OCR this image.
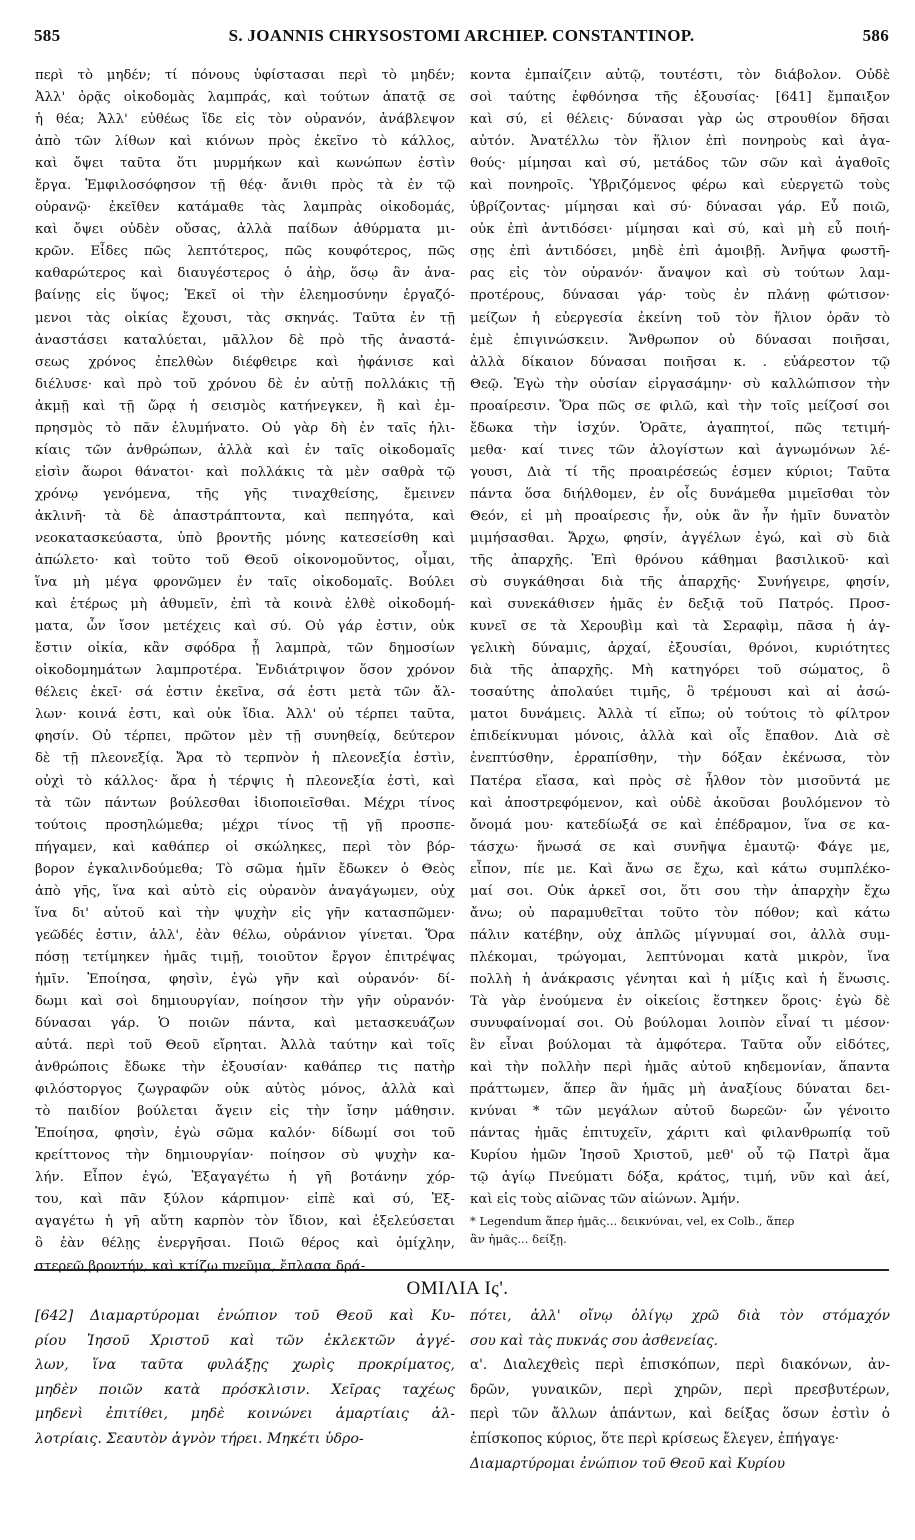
585	S. JOANNIS CHRYSOSTOMI ARCHIEP. CONSTANTINOP.	586
περὶ τὸ μηδέν; τί πόνους ὑφίστασαι περὶ τὸ μηδέν;
Ἀλλ' ὁρᾷς οἰκοδομὰς λαμπράς, καὶ τούτων ἀπατᾷ σε
ἡ θέα; Ἀλλ' εὐθέως ἴδε εἰς τὸν οὐρανόν, ἀνάβλεψον
ἀπὸ τῶν λίθων καὶ κιόνων πρὸς ἐκεῖνο τὸ κάλλος,
καὶ ὄψει ταῦτα ὅτι μυρμήκων καὶ κωνώπων ἐστὶν
ἔργα. Ἐμφιλοσόφησον τῇ θέᾳ· ἄνιθι πρὸς τὰ ἐν τῷ
οὐρανῷ· ἐκεῖθεν κατάμαθε τὰς λαμπρὰς οἰκοδομάς,
καὶ ὄψει οὐδὲν οὔσας, ἀλλὰ παίδων ἀθύρματα μι-
κρῶν. Εἶδες πῶς λεπτότερος, πῶς κουφότερος, πῶς
καθαρώτερος καὶ διαυγέστερος ὁ ἀὴρ, ὅσῳ ἂν ἀνα-
βαίνῃς εἰς ὕψος; Ἐκεῖ οἱ τὴν ἐλεημοσύνην ἐργαζό-
μενοι τὰς οἰκίας ἔχουσι, τὰς σκηνάς. Ταῦτα ἐν τῇ
ἀναστάσει καταλύεται, μᾶλλον δὲ πρὸ τῆς ἀναστά-
σεως χρόνος ἐπελθὼν διέφθειρε καὶ ἠφάνισε καὶ
διέλυσε· καὶ πρὸ τοῦ χρόνου δὲ ἐν αὐτῇ πολλάκις τῇ
ἀκμῇ καὶ τῇ ὥρᾳ ἡ σεισμὸς κατήνεγκεν, ἢ καὶ ἐμ-
πρησμὸς τὸ πᾶν ἐλυμήνατο. Οὐ γὰρ δὴ ἐν ταῖς ἡλι-
κίαις τῶν ἀνθρώπων, ἀλλὰ καὶ ἐν ταῖς οἰκοδομαῖς
εἰσὶν ἄωροι θάνατοι· καὶ πολλάκις τὰ μὲν σαθρὰ τῷ
χρόνῳ γενόμενα, τῆς γῆς τιναχθείσης, ἔμεινεν
ἀκλινῆ· τὰ δὲ ἀπαστράπτοντα, καὶ πεπηγότα, καὶ
νεοκατασκεύαστα, ὑπὸ βροντῆς μόνης κατεσείσθη καὶ
ἀπώλετο· καὶ τοῦτο τοῦ Θεοῦ οἰκονομοῦντος, οἶμαι,
ἵνα μὴ μέγα φρονῶμεν ἐν ταῖς οἰκοδομαῖς. Βούλει
καὶ ἑτέρως μὴ ἀθυμεῖν, ἐπὶ τὰ κοινὰ ἐλθὲ οἰκοδομή-
ματα, ὧν ἴσον μετέχεις καὶ σύ. Οὐ γάρ ἐστιν, οὐκ
ἔστιν οἰκία, κἂν σφόδρα ᾖ λαμπρὰ, τῶν δημοσίων
οἰκοδομημάτων λαμπροτέρα. Ἐνδιάτριψον ὅσον χρόνον
θέλεις ἐκεῖ· σά ἐστιν ἐκεῖνα, σά ἐστι μετὰ τῶν ἄλ-
λων· κοινά ἐστι, καὶ οὐκ ἴδια. Ἀλλ' οὐ τέρπει ταῦτα,
φησίν. Οὐ τέρπει, πρῶτον μὲν τῇ συνηθείᾳ, δεύτερον
δὲ τῇ πλεονεξίᾳ. Ἄρα τὸ τερπνὸν ἡ πλεονεξία ἐστὶν,
οὐχὶ τὸ κάλλος· ἄρα ἡ τέρψις ἡ πλεονεξία ἐστὶ, καὶ
τὰ τῶν πάντων βούλεσθαι ἰδιοποιεῖσθαι. Μέχρι τίνος
τούτοις προσηλώμεθα; μέχρι τίνος τῇ γῇ προσπε-
πήγαμεν, καὶ καθάπερ οἱ σκώληκες, περὶ τὸν βόρ-
βορον ἐγκαλινδούμεθα; Τὸ σῶμα ἡμῖν ἔδωκεν ὁ Θεὸς
ἀπὸ γῆς, ἵνα καὶ αὐτὸ εἰς οὐρανὸν ἀναγάγωμεν, οὐχ
ἵνα δι' αὐτοῦ καὶ τὴν ψυχὴν εἰς γῆν κατασπῶμεν·
γεῶδές ἐστιν, ἀλλ', ἐὰν θέλω, οὐράνιον γίνεται. Ὅρα
πόσῃ τετίμηκεν ἡμᾶς τιμῇ, τοιοῦτον ἔργον ἐπιτρέψας
ἡμῖν. Ἐποίησα, φησὶν, ἐγὼ γῆν καὶ οὐρανόν· δί-
δωμι καὶ σοὶ δημιουργίαν, ποίησον τὴν γῆν οὐρανόν·
δύνασαι γάρ. Ὁ ποιῶν πάντα, καὶ μετασκευάζων
αὐτά. περὶ τοῦ Θεοῦ εἴρηται. Ἀλλὰ ταύτην καὶ τοῖς
ἀνθρώποις ἔδωκε τὴν ἐξουσίαν· καθάπερ τις πατὴρ
φιλόστοργος ζωγραφῶν οὐκ αὐτὸς μόνος, ἀλλὰ καὶ
τὸ παιδίον βούλεται ἄγειν εἰς τὴν ἴσην μάθησιν.
Ἐποίησα, φησὶν, ἐγὼ σῶμα καλόν· δίδωμί σοι τοῦ
κρείττονος τὴν δημιουργίαν· ποίησον σὺ ψυχὴν κα-
λήν. Εἶπον ἐγώ, Ἐξαγαγέτω ἡ γῆ βοτάνην χόρ-
του, καὶ πᾶν ξύλον κάρπιμον· εἰπὲ καὶ σύ, Ἐξ-
αγαγέτω ἡ γῆ αὕτη καρπὸν τὸν ἴδιον, καὶ ἐξελεύσεται
ὃ ἐὰν θέλῃς ἐνεργῆσαι. Ποιῶ θέρος καὶ ὁμίχλην,
στερεῶ βροντήν, καὶ κτίζω πνεῦμα, ἔπλασα δρά-
κοντα ἐμπαίζειν αὐτῷ, τουτέστι, τὸν διάβολον. Οὐδὲ
σοὶ ταύτης ἐφθόνησα τῆς ἐξουσίας· [641] ἔμπαιξον
καὶ σύ, εἰ θέλεις· δύνασαι γὰρ ὡς στρουθίον δῆσαι
αὐτόν. Ἀνατέλλω τὸν ἥλιον ἐπὶ πονηροὺς καὶ ἀγα-
θούς· μίμησαι καὶ σύ, μετάδος τῶν σῶν καὶ ἀγαθοῖς
καὶ πονηροῖς. Ὑβριζόμενος φέρω καὶ εὐεργετῶ τοὺς
ὑβρίζοντας· μίμησαι καὶ σύ· δύνασαι γάρ. Εὖ ποιῶ,
οὐκ ἐπὶ ἀντιδόσει· μίμησαι καὶ σύ, καὶ μὴ εὖ ποιή-
σῃς ἐπὶ ἀντιδόσει, μηδὲ ἐπὶ ἀμοιβῇ. Ἀνῆψα φωστῆ-
ρας εἰς τὸν οὐρανόν· ἄναψον καὶ σὺ τούτων λαμ-
προτέρους, δύνασαι γάρ· τοὺς ἐν πλάνῃ φώτισον·
μείζων ἡ εὐεργεσία ἐκείνη τοῦ τὸν ἥλιον ὁρᾶν τὸ
ἐμὲ ἐπιγινώσκειν. Ἄνθρωπον οὐ δύνασαι ποιῆσαι,
ἀλλὰ δίκαιον δύνασαι ποιῆσαι κ. . εὐάρεστον τῷ
Θεῷ. Ἐγὼ τὴν οὐσίαν εἰργασάμην· σὺ καλλώπισον τὴν
προαίρεσιν. Ὅρα πῶς σε φιλῶ, καὶ τὴν τοῖς μείζοσί σοι
ἔδωκα τὴν ἰσχύν. Ὁρᾶτε, ἀγαπητοί, πῶς τετιμή-
μεθα· καί τινες τῶν ἀλογίστων καὶ ἀγνωμόνων λέ-
γουσι, Διὰ τί τῆς προαιρέσεώς ἐσμεν κύριοι; Ταῦτα
πάντα ὅσα διήλθομεν, ἐν οἷς δυνάμεθα μιμεῖσθαι τὸν
Θεόν, εἰ μὴ προαίρεσις ἦν, οὐκ ἂν ἦν ἡμῖν δυνατὸν
μιμήσασθαι. Ἄρχω, φησίν, ἀγγέλων ἐγώ, καὶ σὺ διὰ
τῆς ἀπαρχῆς. Ἐπὶ θρόνου κάθημαι βασιλικοῦ· καὶ
σὺ συγκάθησαι διὰ τῆς ἀπαρχῆς· Συνήγειρε, φησίν,
καὶ συνεκάθισεν ἡμᾶς ἐν δεξιᾷ τοῦ Πατρός. Προσ-
κυνεῖ σε τὰ Χερουβὶμ καὶ τὰ Σεραφὶμ, πᾶσα ἡ ἀγ-
γελικὴ δύναμις, ἀρχαί, ἐξουσίαι, θρόνοι, κυριότητες
διὰ τῆς ἀπαρχῆς. Μὴ κατηγόρει τοῦ σώματος, ὃ
τοσαύτης ἀπολαύει τιμῆς, ὃ τρέμουσι καὶ αἱ ἀσώ-
ματοι δυνάμεις. Ἀλλὰ τί εἴπω; οὐ τούτοις τὸ φίλτρον
ἐπιδείκνυμαι μόνοις, ἀλλὰ καὶ οἷς ἔπαθον. Διὰ σὲ
ἐνεπτύσθην, ἐρραπίσθην, τὴν δόξαν ἐκένωσα, τὸν
Πατέρα εἴασα, καὶ πρὸς σὲ ἦλθον τὸν μισοῦντά με
καὶ ἀποστρεφόμενον, καὶ οὐδὲ ἀκοῦσαι βουλόμενον τὸ
ὄνομά μου· κατεδίωξά σε καὶ ἐπέδραμον, ἵνα σε κα-
τάσχω· ἥνωσά σε καὶ συνῆψα ἐμαυτῷ· Φάγε με,
εἶπον, πίε με. Καὶ ἄνω σε ἔχω, καὶ κάτω συμπλέκο-
μαί σοι. Οὐκ ἀρκεῖ σοι, ὅτι σου τὴν ἀπαρχὴν ἔχω
ἄνω; οὐ παραμυθεῖται τοῦτο τὸν πόθον; καὶ κάτω
πάλιν κατέβην, οὐχ ἁπλῶς μίγνυμαί σοι, ἀλλὰ συμ-
πλέκομαι, τρώγομαι, λεπτύνομαι κατὰ μικρὸν, ἵνα
πολλὴ ἡ ἀνάκρασις γένηται καὶ ἡ μίξις καὶ ἡ ἕνωσις.
Τὰ γὰρ ἑνούμενα ἐν οἰκείοις ἕστηκεν ὅροις· ἐγὼ δὲ
συνυφαίνομαί σοι. Οὐ βούλομαι λοιπὸν εἶναί τι μέσον·
ἓν εἶναι βούλομαι τὰ ἀμφότερα. Ταῦτα οὖν εἰδότες,
καὶ τὴν πολλὴν περὶ ἡμᾶς αὐτοῦ κηδεμονίαν, ἅπαντα
πράττωμεν, ἅπερ ἂν ἡμᾶς μὴ ἀναξίους δύναται δει-
κνύναι * τῶν μεγάλων αὐτοῦ δωρεῶν· ὧν γένοιτο
πάντας ἡμᾶς ἐπιτυχεῖν, χάριτι καὶ φιλανθρωπίᾳ τοῦ
Κυρίου ἡμῶν Ἰησοῦ Χριστοῦ, μεθ' οὗ τῷ Πατρὶ ἅμα
τῷ ἁγίῳ Πνεύματι δόξα, κράτος, τιμή, νῦν καὶ ἀεί,
καὶ εἰς τοὺς αἰῶνας τῶν αἰώνων. Ἀμήν.
* Legendum ἅπερ ἡμᾶς... δεικνύναι, vel, ex Colb., ἅπερ
ἂν ἡμᾶς... δείξῃ.
ΟΜΙΛΙΑ Ις'.
[642] Διαμαρτύρομαι ἐνώπιον τοῦ Θεοῦ καὶ Κυ-
ρίου Ἰησοῦ Χριστοῦ καὶ τῶν ἐκλεκτῶν ἀγγέ-
λων, ἵνα ταῦτα φυλάξῃς χωρὶς προκρίματος,
μηδὲν ποιῶν κατὰ πρόσκλισιν. Χεῖρας ταχέως
μηδενὶ ἐπιτίθει, μηδὲ κοινώνει ἁμαρτίαις ἀλ-
λοτρίαις. Σεαυτὸν ἁγνὸν τήρει. Μηκέτι ὑδρο-
πότει, ἀλλ' οἴνῳ ὀλίγῳ χρῶ διὰ τὸν στόμαχόν
σου καὶ τὰς πυκνάς σου ἀσθενείας.
α'. Διαλεχθεὶς περὶ ἐπισκόπων, περὶ διακόνων, ἀν-
δρῶν, γυναικῶν, περὶ χηρῶν, περὶ πρεσβυτέρων,
περὶ τῶν ἄλλων ἁπάντων, καὶ δείξας ὅσων ἐστὶν ὁ
ἐπίσκοπος κύριος, ὅτε περὶ κρίσεως ἔλεγεν, ἐπήγαγε·
Διαμαρτύρομαι ἐνώπιον τοῦ Θεοῦ καὶ Κυρίου
